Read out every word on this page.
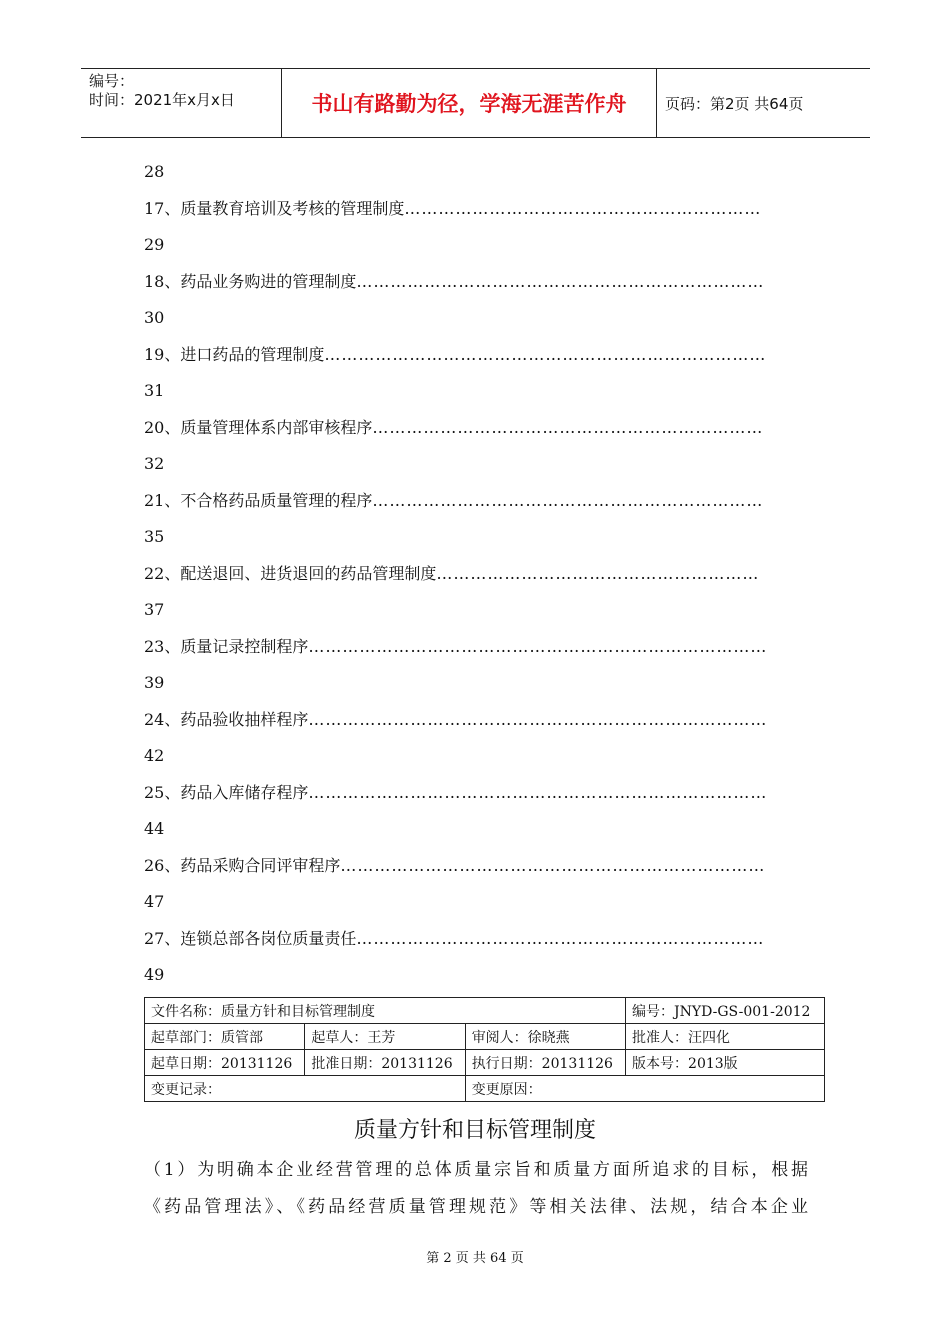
编号：
时间：2021年x月x日	书山有路勤为径，学海无涯苦作舟	页码：第2页 共64页
28
17、质量教育培训及考核的管理制度 ………………………………………………………
29
18、药品业务购进的管理制度 ………………………………………………………………
30
19、进口药品的管理制度 ……………………………………………………………………
31
20、质量管理体系内部审核程序 ……………………………………………………………
32
21、不合格药品质量管理的程序 ……………………………………………………………
35
22、配送退回、进货退回的药品管理制度 …………………………………………………
37
23、质量记录控制程序 ………………………………………………………………………
39
24、药品验收抽样程序 ………………………………………………………………………
42
25、药品入库储存程序 ………………………………………………………………………
44
26、药品采购合同评审程序 …………………………………………………………………
47
27、连锁总部各岗位质量责任 ………………………………………………………………
49
文件名称：质量方针和目标管理制度			编号：JNYD-GS-001-2012
起草部门：质管部	起草人：王芳	审阅人：徐晓燕	批准人：汪四化
起草日期：20131126	批准日期：20131126	执行日期：20131126	版本号：2013版
变更记录：		变更原因：	
质量方针和目标管理制度
（1）为明确本企业经营管理的总体质量宗旨和质量方面所追求的目标，根据
《药品管理法》、《药品经营质量管理规范》等相关法律、法规，结合本企业
第 2 页 共 64 页
